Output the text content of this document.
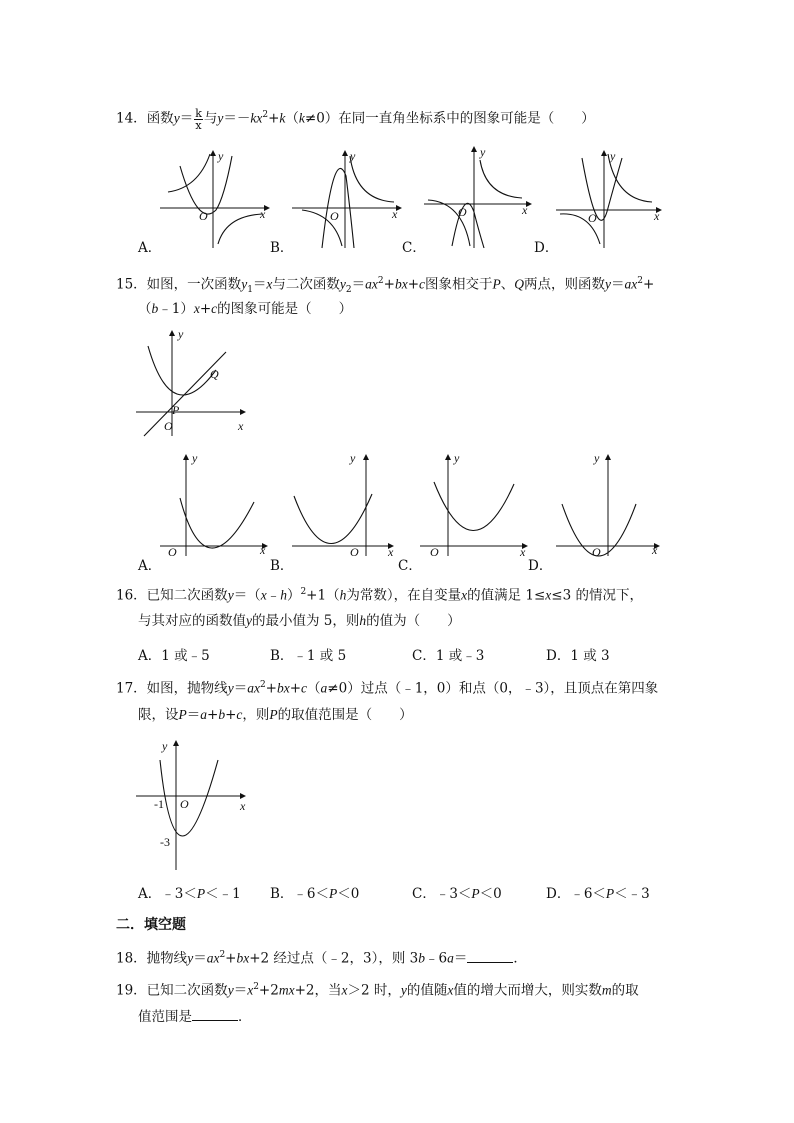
14．函数$y= \frac{k}{x}$ 与$y=-kx^2+k(k\ne 0)$在同一直角坐标系中的图象可能是（　　）
y
x
O
y
x
O
y
x
O
y
x
O
A．	B．	C．	D．
15．如图，一次函数$y_1=x$与二次函数$y_2=ax^2+bx+c$图象相交于P、Q两点，则函数$y=ax^2+$
（b﹣1）x+c的图象可能是（　　）
y
x
O
P
Q
y
x
O
y
x
O
y
x
O
y
x
O
A．	B．	C．	D．
16．已知二次函数y＝（x﹣h）$^2$+1（h为常数），在自变量x的值满足 1≤x≤3 的情况下，
与其对应的函数值y的最小值为 5，则h的值为（　　）
A．1 或﹣5	B．﹣1 或 5	C．1 或﹣3	D．1 或 3
17．如图，抛物线$y=ax^2+bx+c(a\ne 0)$过点（﹣1，0）和点（0，﹣3），且顶点在第四象
限，设P＝a+b+c，则P的取值范围是（　　）
y
x
O
-1
-3
A．﹣3＜P＜﹣1 B．﹣6＜P＜0	C．﹣3＜P＜0	D．﹣6＜P＜﹣3
二．填空题
18．抛物线$y=ax^2+bx+2$ 经过点（﹣2，3），则 3b﹣6a＝	．
19．已知二次函数$y=x^2+2mx+2$，当x＞2 时，y的值随x值的增大而增大，则实数m的取
值范围是	．
